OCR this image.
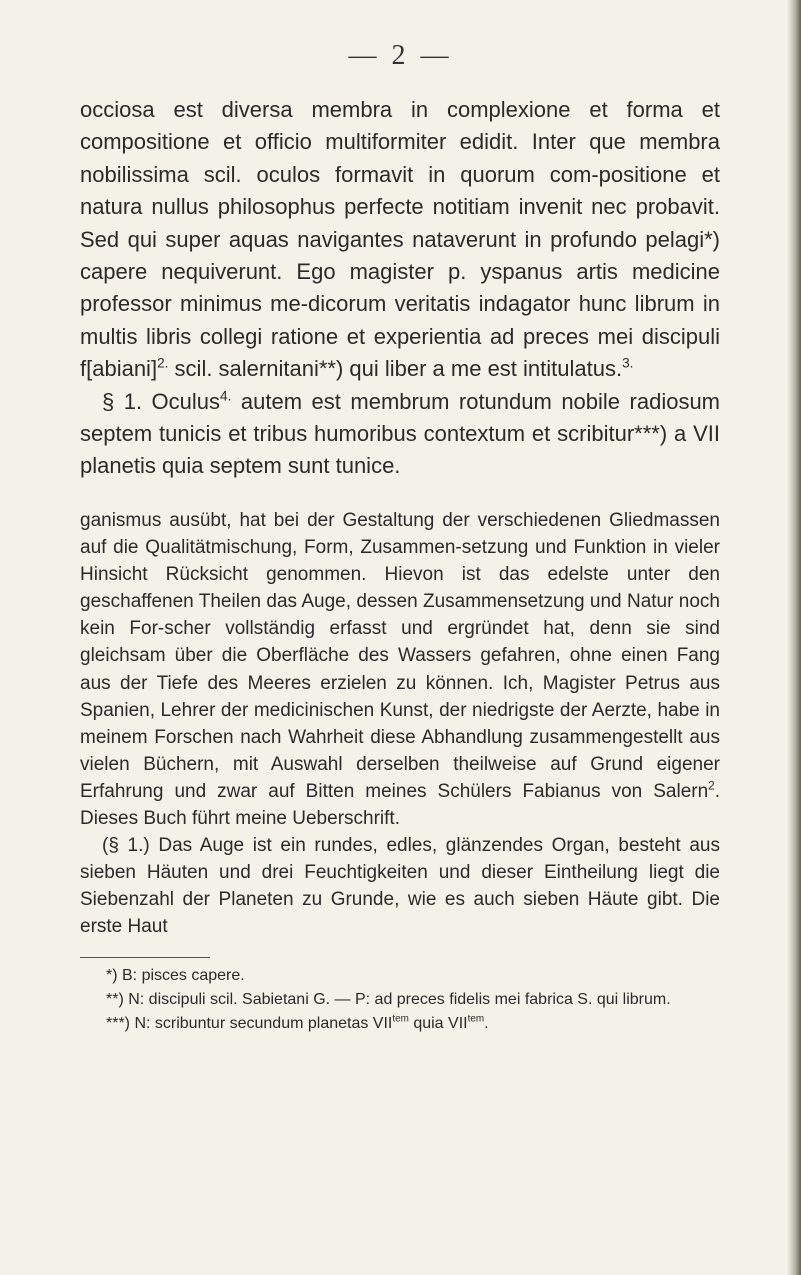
— 2 —

occiosa est diversa membra in complexione et forma et compositione et officio multiformiter edidit. Inter que membra nobilissima scil. oculos formavit in quorum com-positione et natura nullus philosophus perfecte notitiam invenit nec probavit. Sed qui super aquas navigantes nataverunt in profundo pelagi*) capere nequiverunt. Ego magister p. yspanus artis medicine professor minimus me-dicorum veritatis indagator hunc librum in multis libris collegi ratione et experientia ad preces mei discipuli f[abiani]$^{2.}$ scil. salernitani**) qui liber a me est intitulatus.$^{3.}$

§ 1. Oculus$^{4.}$ autem est membrum rotundum nobile radiosum septem tunicis et tribus humoribus contextum et scribitur***) a VII planetis quia septem sunt tunice.

ganismus ausübt, hat bei der Gestaltung der verschiedenen Gliedmassen auf die Qualitätmischung, Form, Zusammen-setzung und Funktion in vieler Hinsicht Rücksicht genommen. Hievon ist das edelste unter den geschaffenen Theilen das Auge, dessen Zusammensetzung und Natur noch kein For-scher vollständig erfasst und ergründet hat, denn sie sind gleichsam über die Oberfläche des Wassers gefahren, ohne einen Fang aus der Tiefe des Meeres erzielen zu können. Ich, Magister Petrus aus Spanien, Lehrer der medicinischen Kunst, der niedrigste der Aerzte, habe in meinem Forschen nach Wahrheit diese Abhandlung zusammengestellt aus vielen Büchern, mit Auswahl derselben theilweise auf Grund eigener Erfahrung und zwar auf Bitten meines Schülers Fabianus von Salern$^2$. Dieses Buch führt meine Ueberschrift.

(§ 1.) Das Auge ist ein rundes, edles, glänzendes Organ, besteht aus sieben Häuten und drei Feuchtigkeiten und dieser Eintheilung liegt die Siebenzahl der Planeten zu Grunde, wie es auch sieben Häute gibt. Die erste Haut

*) B: pisces capere.

**) N: discipuli scil. Sabietani G. — P: ad preces fidelis mei fabrica S. qui librum.

***) N: scribuntur secundum planetas $VII^{tem}$ quia $VII^{tem}$.
